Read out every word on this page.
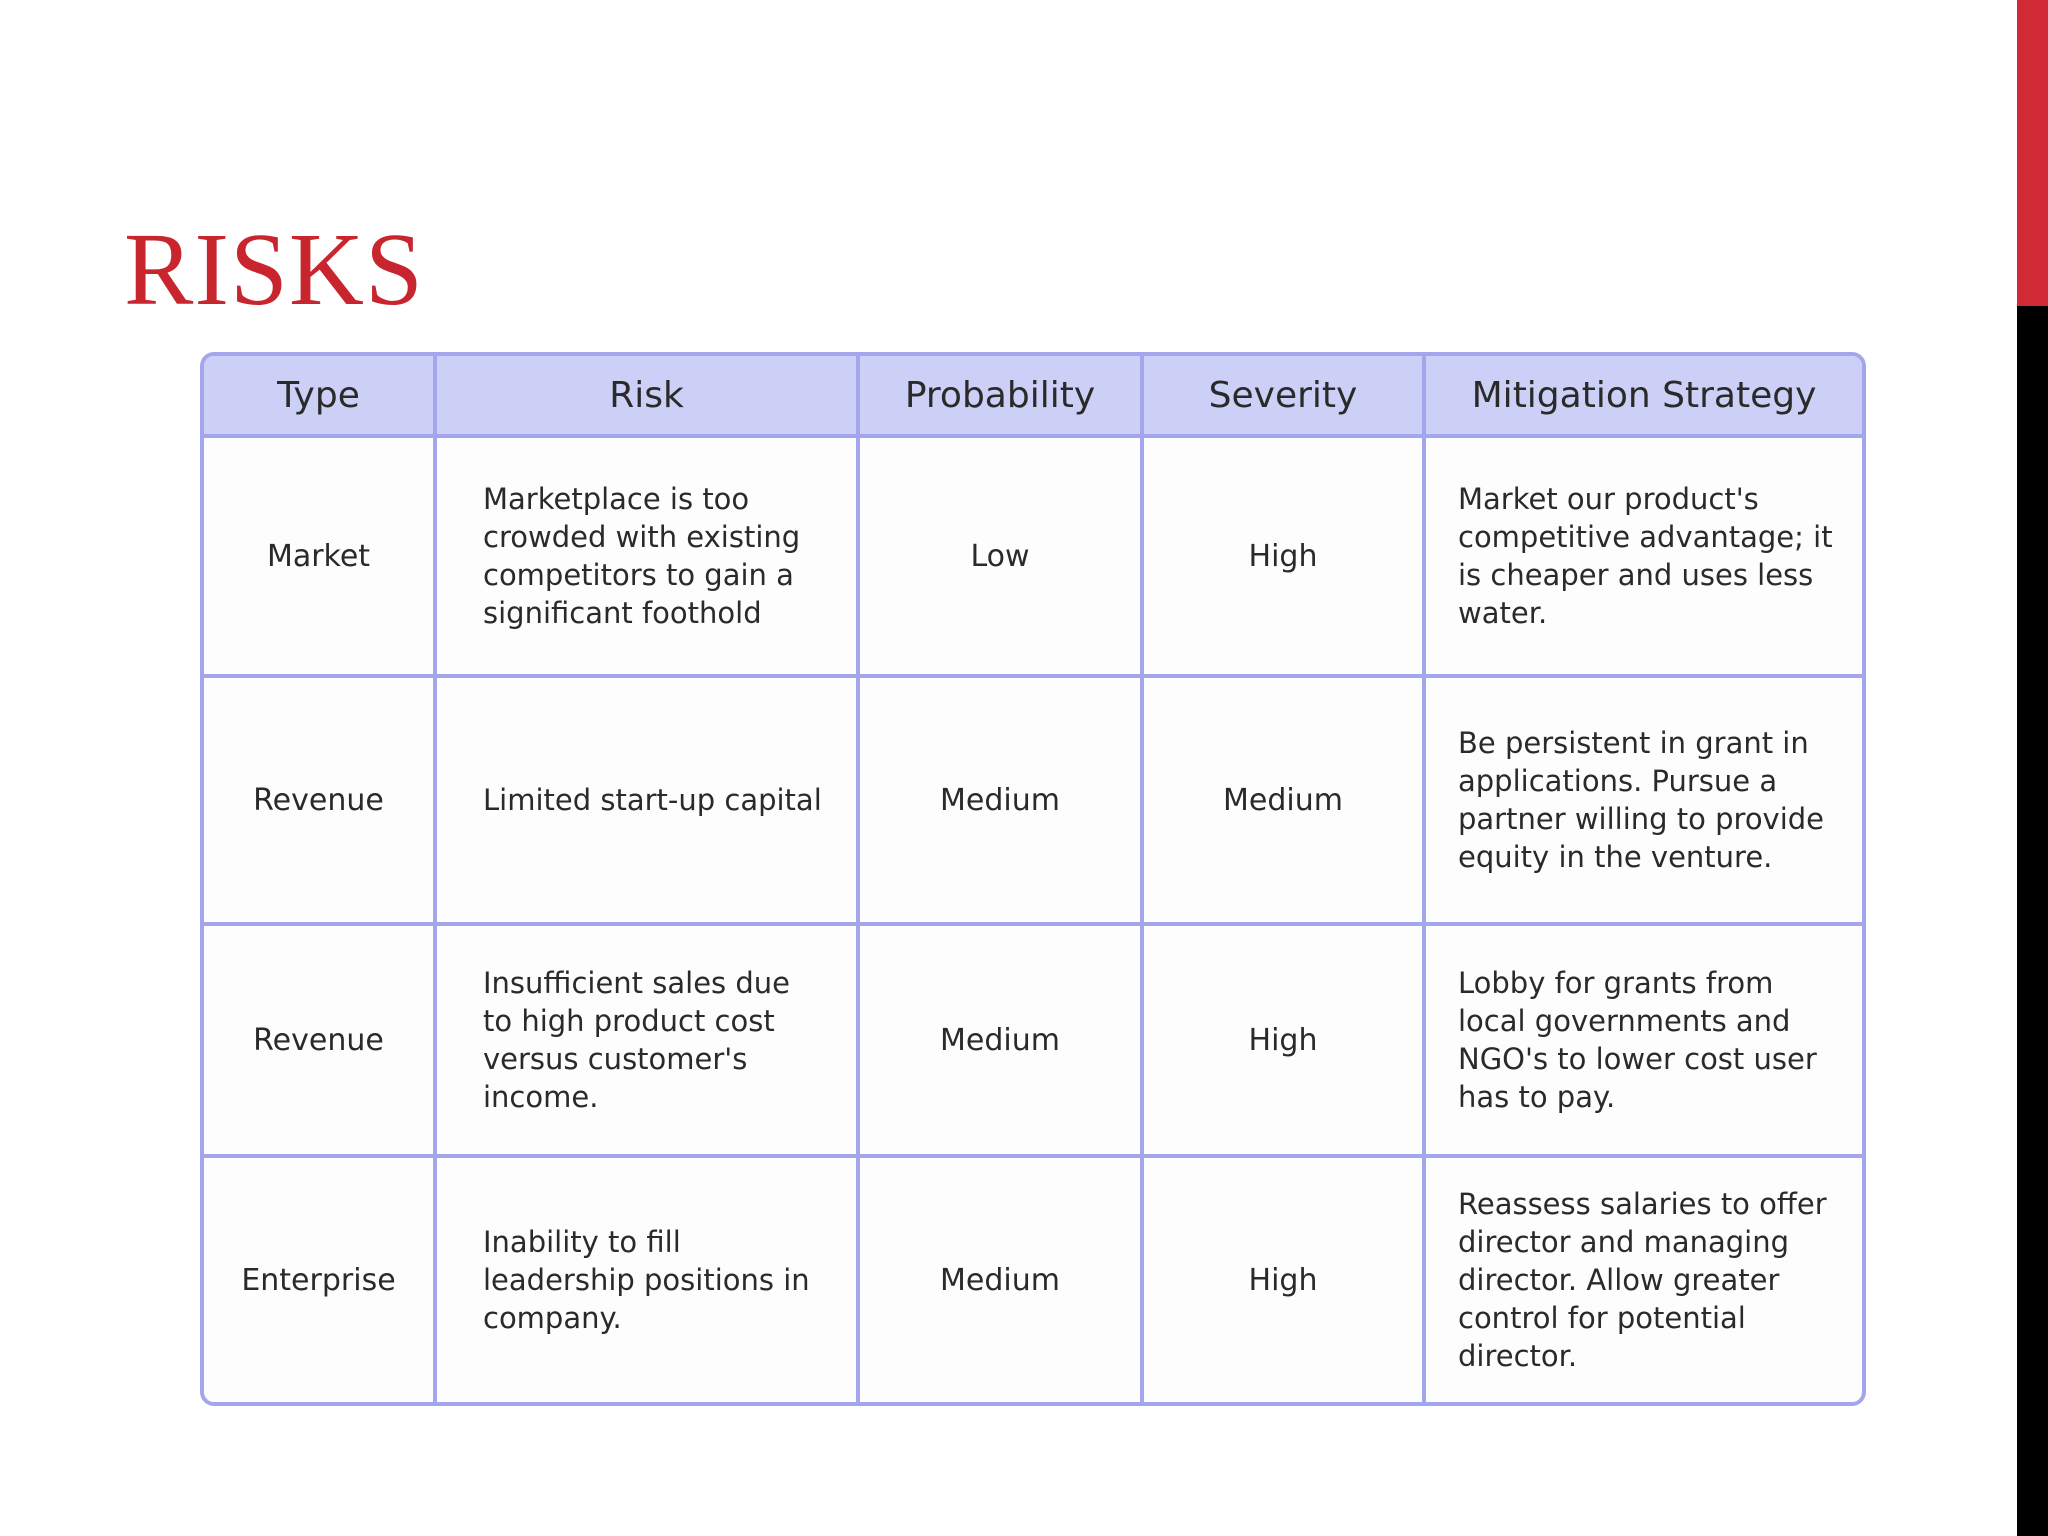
RISKS
Type	Risk	Probability	Severity	Mitigation Strategy
Market	Marketplace is too crowded with existing competitors to gain a significant foothold	Low	High	Market our product's competitive advantage; it is cheaper and uses less water.

Revenue	Limited start-up capital	Medium	Medium	Be persistent in grant in applications. Pursue a partner willing to provide equity in the venture.

Revenue	Insufficient sales due to high product cost versus customer's income.	Medium	High	Lobby for grants from local governments and NGO's to lower cost user has to pay.

Enterprise	Inability to fill leadership positions in company.	Medium	High	Reassess salaries to offer director and managing director. Allow greater control for potential director.
